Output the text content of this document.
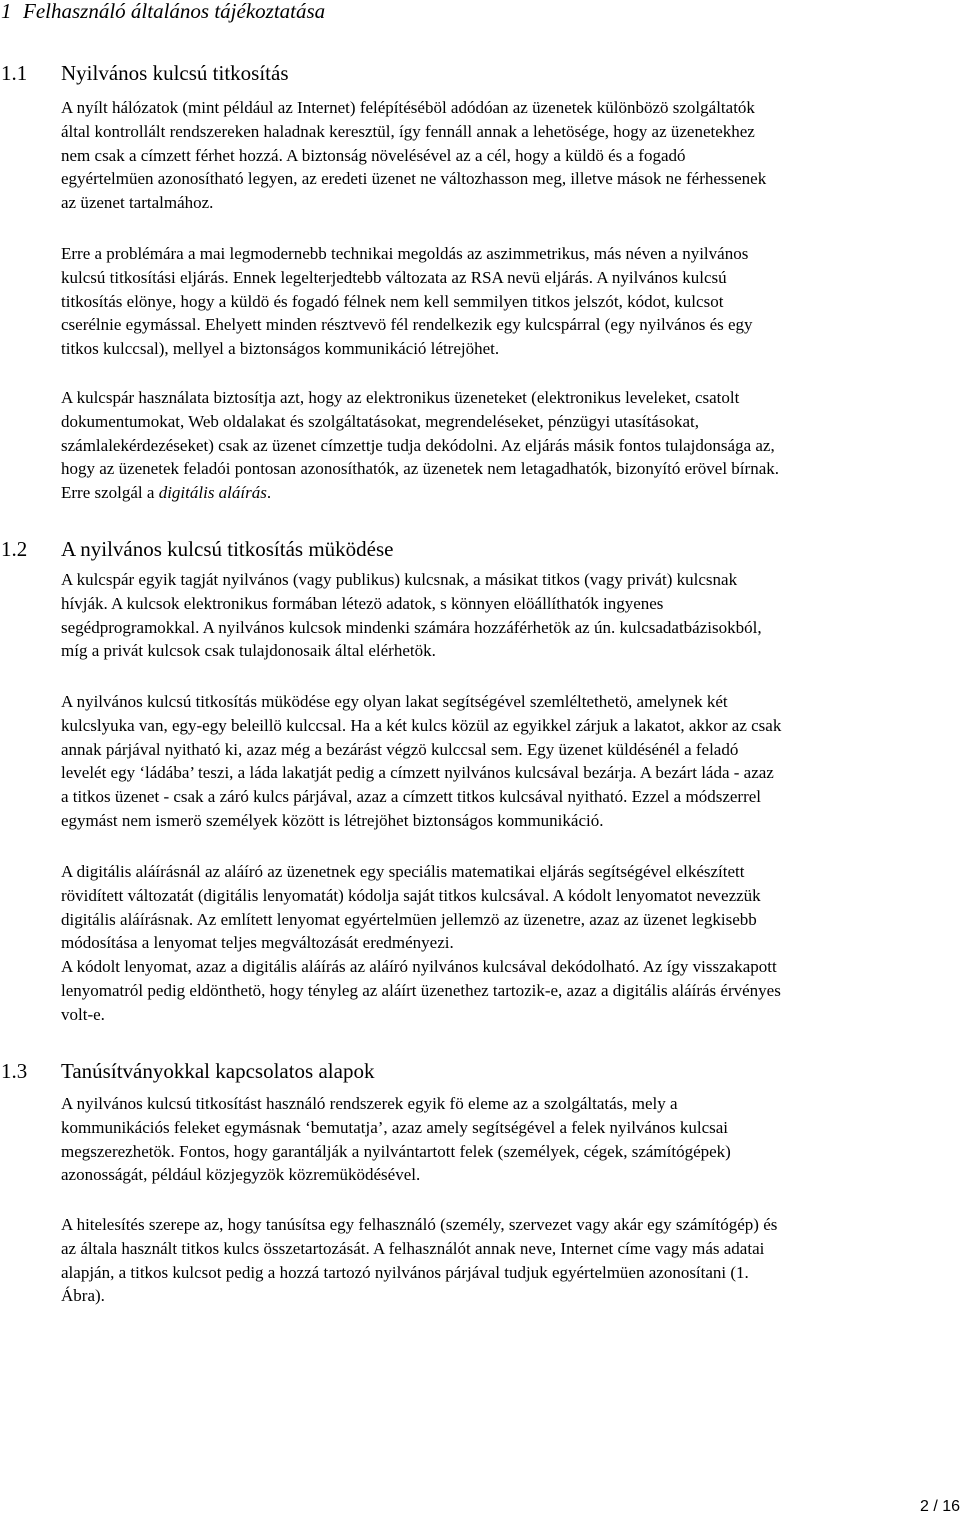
1 Felhasználó általános tájékoztatása
1.1 Nyilvános kulcsú titkosítás

A nyílt hálózatok (mint például az Internet) felépítéséböl adódóan az üzenetek különbözö szolgáltatók
által kontrollált rendszereken haladnak keresztül, így fennáll annak a lehetösége, hogy az üzenetekhez
nem csak a címzett férhet hozzá. A biztonság növelésével az a cél, hogy a küldö és a fogadó
egyértelmüen azonosítható legyen, az eredeti üzenet ne változhasson meg, illetve mások ne férhessenek
az üzenet tartalmához.

Erre a problémára a mai legmodernebb technikai megoldás az aszimmetrikus, más néven a nyilvános
kulcsú titkosítási eljárás. Ennek legelterjedtebb változata az RSA nevü eljárás. A nyilvános kulcsú
titkosítás elönye, hogy a küldö és fogadó félnek nem kell semmilyen titkos jelszót, kódot, kulcsot
cserélnie egymással. Ehelyett minden résztvevö fél rendelkezik egy kulcspárral (egy nyilvános és egy
titkos kulccsal), mellyel a biztonságos kommunikáció létrejöhet.

A kulcspár használata biztosítja azt, hogy az elektronikus üzeneteket (elektronikus leveleket, csatolt
dokumentumokat, Web oldalakat és szolgáltatásokat, megrendeléseket, pénzügyi utasításokat,
számlalekérdezéseket) csak az üzenet címzettje tudja dekódolni. Az eljárás másik fontos tulajdonsága az,
hogy az üzenetek feladói pontosan azonosíthatók, az üzenetek nem letagadhatók, bizonyító erövel bírnak.
Erre szolgál a digitális aláírás.

1.2 A nyilvános kulcsú titkosítás müködése

A kulcspár egyik tagját nyilvános (vagy publikus) kulcsnak, a másikat titkos (vagy privát) kulcsnak
hívják. A kulcsok elektronikus formában létezö adatok, s könnyen elöállíthatók ingyenes
segédprogramokkal. A nyilvános kulcsok mindenki számára hozzáférhetök az ún. kulcsadatbázisokból,
míg a privát kulcsok csak tulajdonosaik által elérhetök.

A nyilvános kulcsú titkosítás müködése egy olyan lakat segítségével szemléltethetö, amelynek két
kulcslyuka van, egy-egy beleillö kulccsal. Ha a két kulcs közül az egyikkel zárjuk a lakatot, akkor az csak
annak párjával nyitható ki, azaz még a bezárást végzö kulccsal sem. Egy üzenet küldésénél a feladó
levelét egy ‘ládába’ teszi, a láda lakatját pedig a címzett nyilvános kulcsával bezárja. A bezárt láda - azaz
a titkos üzenet - csak a záró kulcs párjával, azaz a címzett titkos kulcsával nyitható. Ezzel a módszerrel
egymást nem ismerö személyek között is létrejöhet biztonságos kommunikáció.

A digitális aláírásnál az aláíró az üzenetnek egy speciális matematikai eljárás segítségével elkészített
rövidített változatát (digitális lenyomatát) kódolja saját titkos kulcsával. A kódolt lenyomatot nevezzük
digitális aláírásnak. Az említett lenyomat egyértelmüen jellemzö az üzenetre, azaz az üzenet legkisebb
módosítása a lenyomat teljes megváltozását eredményezi.
A kódolt lenyomat, azaz a digitális aláírás az aláíró nyilvános kulcsával dekódolható. Az így visszakapott
lenyomatról pedig eldönthetö, hogy tényleg az aláírt üzenethez tartozik-e, azaz a digitális aláírás érvényes
volt-e.

1.3 Tanúsítványokkal kapcsolatos alapok

A nyilvános kulcsú titkosítást használó rendszerek egyik fö eleme az a szolgáltatás, mely a
kommunikációs feleket egymásnak ‘bemutatja’, azaz amely segítségével a felek nyilvános kulcsai
megszerezhetök. Fontos, hogy garantálják a nyilvántartott felek (személyek, cégek, számítógépek)
azonosságát, például közjegyzök közremüködésével.

A hitelesítés szerepe az, hogy tanúsítsa egy felhasználó (személy, szervezet vagy akár egy számítógép) és
az általa használt titkos kulcs összetartozását. A felhasználót annak neve, Internet címe vagy más adatai
alapján, a titkos kulcsot pedig a hozzá tartozó nyilvános párjával tudjuk egyértelmüen azonosítani (1.
Ábra).

2 / 16
